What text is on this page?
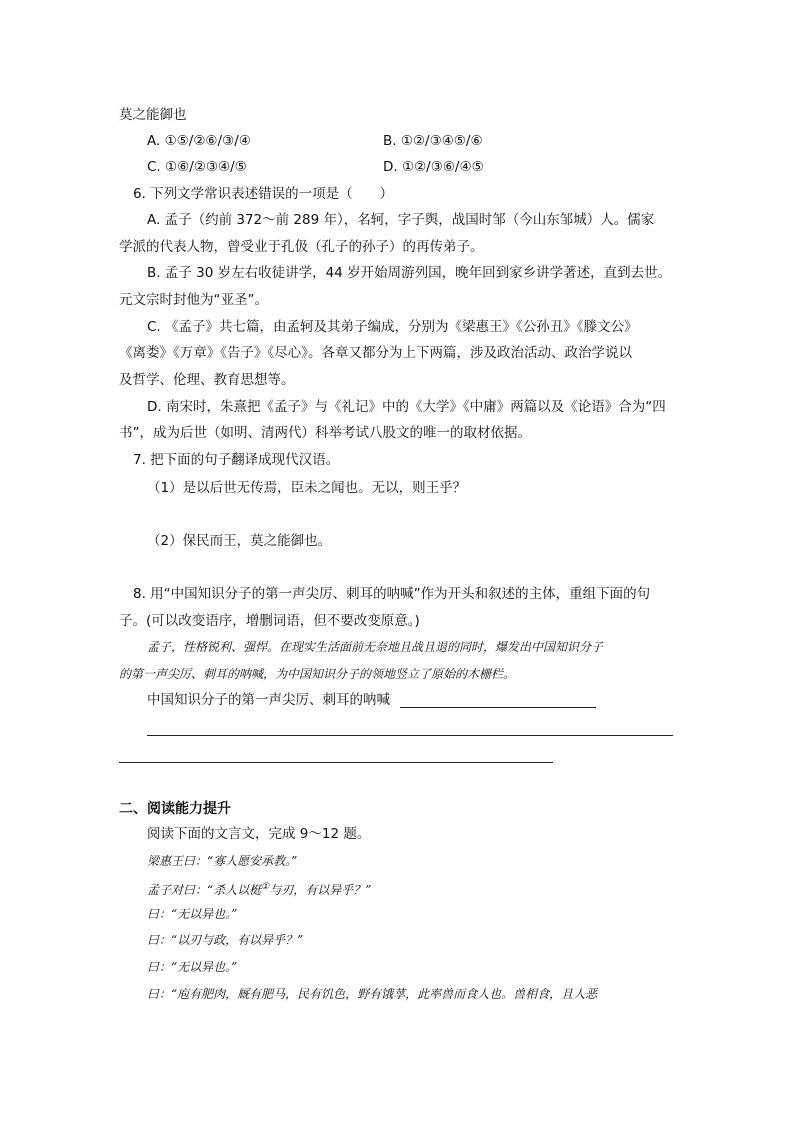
莫之能御也
A. ①⑤/②⑥/③/④	B. ①②/③④⑤/⑥
C. ①⑥/②③④/⑤	D. ①②/③⑥/④⑤
6. 下列文学常识表述错误的一项是（　　）
A. 孟子（约前 372～前 289 年），名轲，字子舆，战国时邹（今山东邹城）人。儒家
学派的代表人物，曾受业于孔伋（孔子的孙子）的再传弟子。
B. 孟子 30 岁左右收徒讲学，44 岁开始周游列国，晚年回到家乡讲学著述，直到去世。
元文宗时封他为“亚圣”。
C. 《孟子》共七篇，由孟轲及其弟子编成，分别为《梁惠王》《公孙丑》《滕文公》
《离娄》《万章》《告子》《尽心》。各章又都分为上下两篇，涉及政治活动、政治学说以
及哲学、伦理、教育思想等。
D. 南宋时，朱熹把《孟子》与《礼记》中的《大学》《中庸》两篇以及《论语》合为“四
书”，成为后世（如明、清两代）科举考试八股文的唯一的取材依据。
7. 把下面的句子翻译成现代汉语。
（1）是以后世无传焉，臣未之闻也。无以，则王乎？
（2）保民而王，莫之能御也。
8. 用“中国知识分子的第一声尖厉、刺耳的呐喊”作为开头和叙述的主体，重组下面的句
子。(可以改变语序，增删词语，但不要改变原意。)
孟子，性格锐利、强悍。在现实生活面前无奈地且战且退的同时，爆发出中国知识分子
的第一声尖厉、刺耳的呐喊，为中国知识分子的领地竖立了原始的木栅栏。
中国知识分子的第一声尖厉、刺耳的呐喊
二、阅读能力提升
阅读下面的文言文，完成 9～12 题。
梁惠王曰：“寡人愿安承教。”
孟子对曰：“杀人以梃①与刃，有以异乎？”
曰：“无以异也。”
曰：“以刃与政，有以异乎？”
曰：“无以异也。”
曰：“庖有肥肉，厩有肥马，民有饥色，野有饿莩，此率兽而食人也。兽相食，且人恶
